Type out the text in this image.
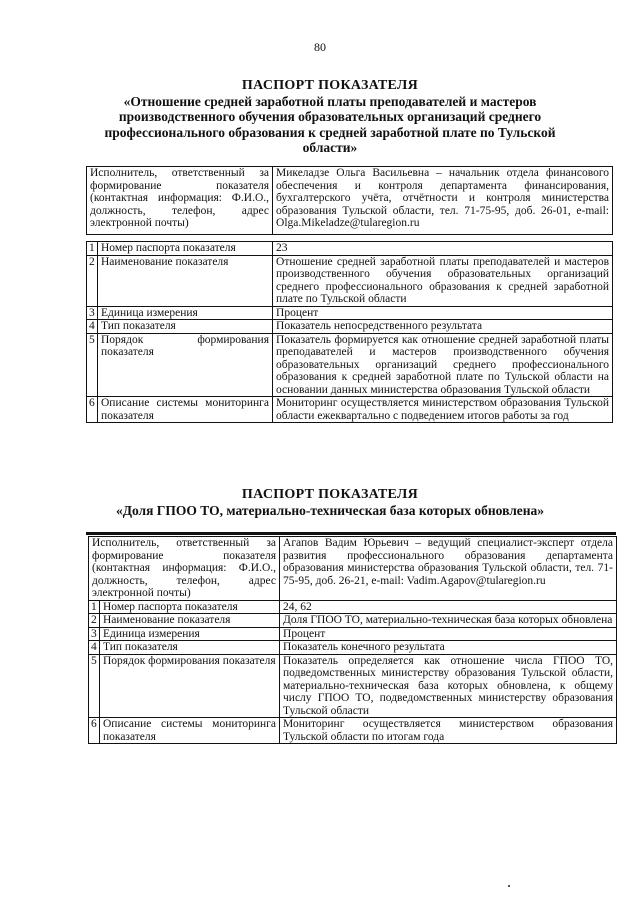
80
ПАСПОРТ ПОКАЗАТЕЛЯ
«Отношение средней заработной платы преподавателей и мастеров производственного обучения образовательных организаций среднего профессионального образования к средней заработной плате по Тульской области»
Исполнитель, ответственный за формирование показателя (контактная информация: Ф.И.О., должность, телефон, адрес электронной почты)		Микеладзе Ольга Васильевна – начальник отдела финансового обеспечения и контроля департамента финансирования, бухгалтерского учёта, отчётности и контроля министерства образования Тульской области, тел. 71-75-95, доб. 26-01, e-mail: Olga.Mikeladze@tularegion.ru

1	Номер паспорта показателя	23
2	Наименование показателя	Отношение средней заработной платы преподавателей и мастеров производственного обучения образовательных организаций среднего профессионального образования к средней заработной плате по Тульской области
3	Единица измерения	Процент
4	Тип показателя	Показатель непосредственного результата
5	Порядок формирования показателя	Показатель формируется как отношение средней заработной платы преподавателей и мастеров производственного обучения образовательных организаций среднего профессионального образования к средней заработной плате по Тульской области на основании данных министерства образования Тульской области
6	Описание системы мониторинга показателя	Мониторинг осуществляется министерством образования Тульской области ежеквартально с подведением итогов работы за год
ПАСПОРТ ПОКАЗАТЕЛЯ
«Доля ГПОО ТО, материально-техническая база которых обновлена»
Исполнитель, ответственный за формирование показателя (контактная информация: Ф.И.О., должность, телефон, адрес электронной почты)		Агапов Вадим Юрьевич – ведущий специалист-эксперт отдела развития профессионального образования департамента образования министерства образования Тульской области, тел. 71-75-95, доб. 26-21, e-mail: Vadim.Agapov@tularegion.ru
1	Номер паспорта показателя	24, 62
2	Наименование показателя	Доля ГПОО ТО, материально-техническая база которых обновлена
3	Единица измерения	Процент
4	Тип показателя	Показатель конечного результата
5	Порядок формирования показателя	Показатель определяется как отношение числа ГПОО ТО, подведомственных министерству образования Тульской области, материально-техническая база которых обновлена, к общему числу ГПОО ТО, подведомственных министерству образования Тульской области
6	Описание системы мониторинга показателя	Мониторинг осуществляется министерством образования Тульской области по итогам года
